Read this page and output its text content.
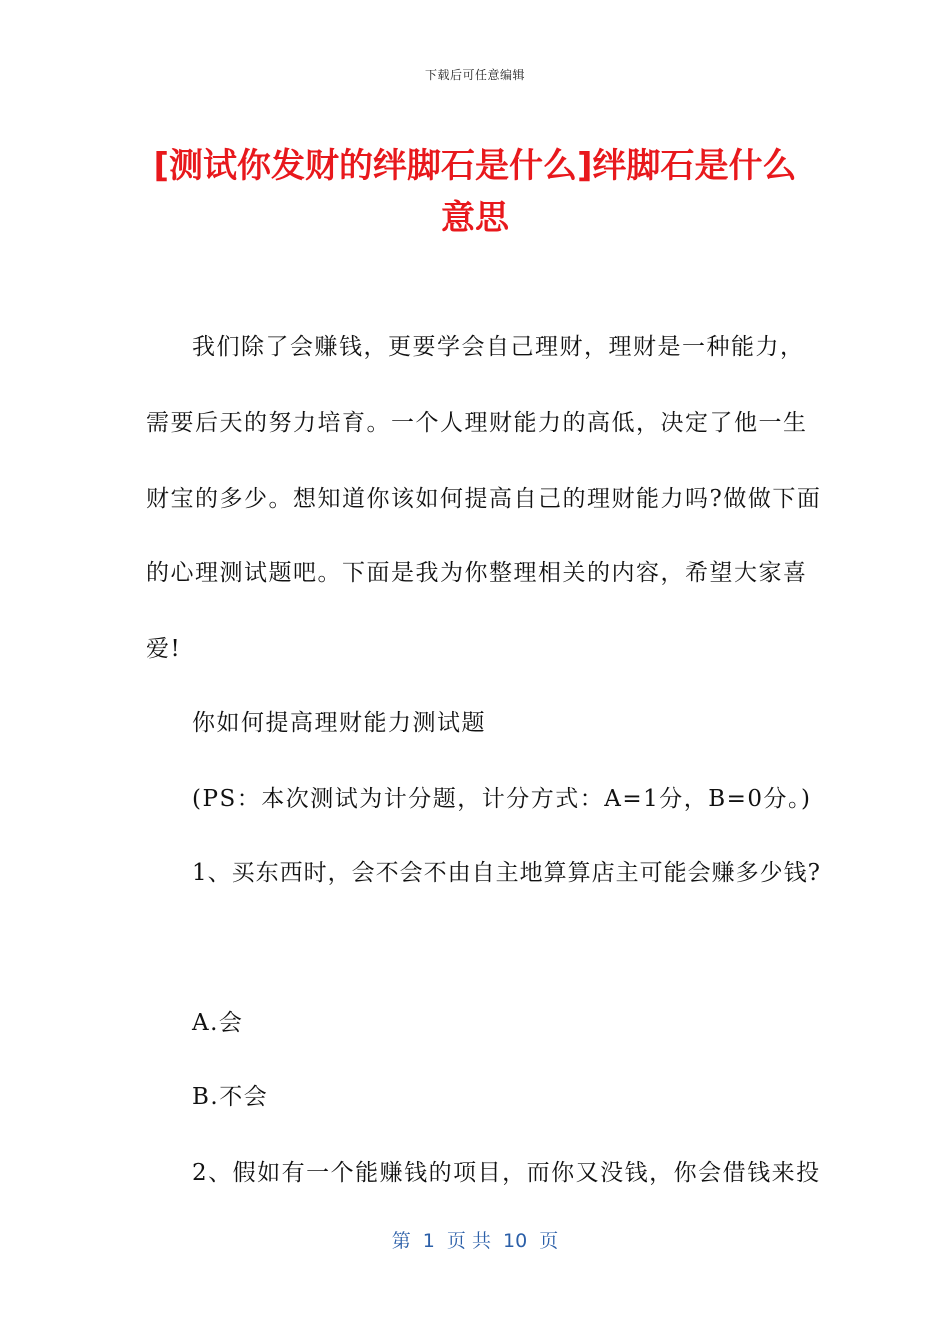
下载后可任意编辑
[测试你发财的绊脚石是什么]绊脚石是什么意思

我们除了会赚钱，更要学会自己理财，理财是一种能力，

需要后天的努力培育。一个人理财能力的高低，决定了他一生

财宝的多少。想知道你该如何提高自己的理财能力吗?做做下面

的心理测试题吧。下面是我为你整理相关的内容，希望大家喜

爱!

你如何提高理财能力测试题

(PS：本次测试为计分题，计分方式：A=1分，B=0分。)

1、买东西时，会不会不由自主地算算店主可能会赚多少钱?

A.会

B.不会

2、假如有一个能赚钱的项目，而你又没钱，你会借钱来投

第  1  页 共  10  页
